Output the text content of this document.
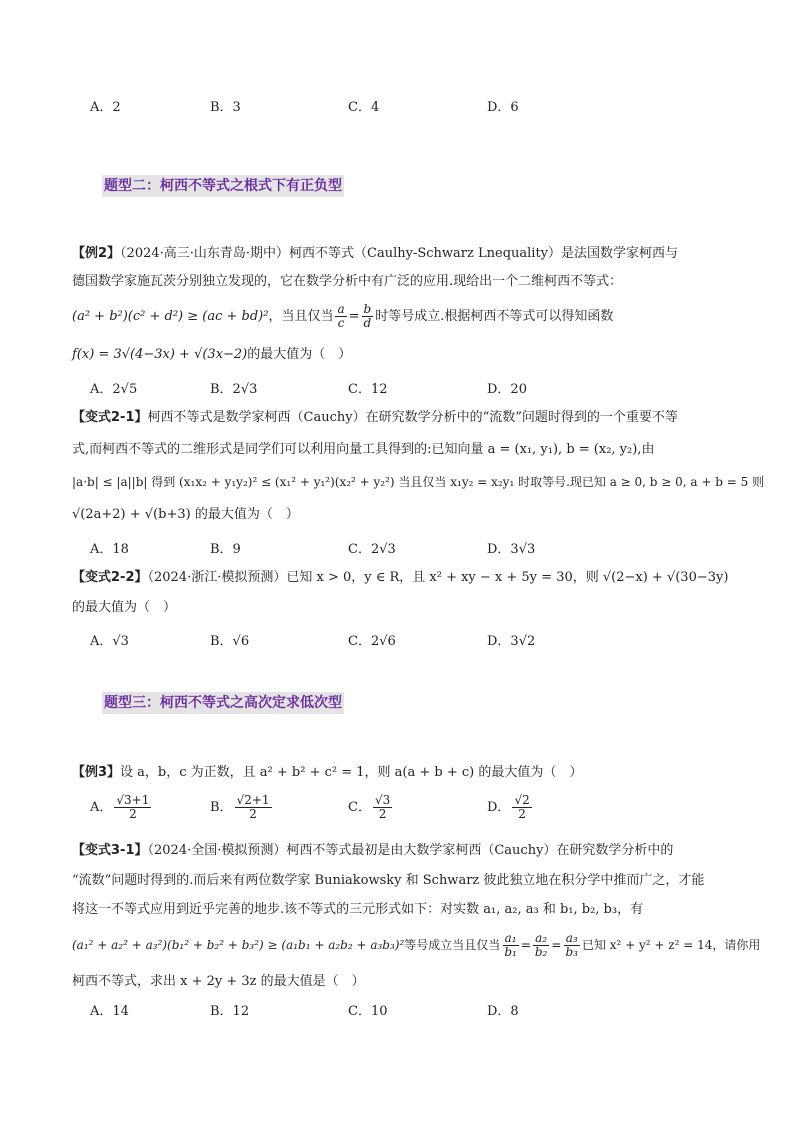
A．2	B．3	C．4	D．6
题型二：柯西不等式之根式下有正负型
【例2】（2024·高三·山东青岛·期中）柯西不等式（Caulhy-Schwarz Lnequality）是法国数学家柯西与
德国数学家施瓦茨分别独立发现的，它在数学分析中有广泛的应用.现给出一个二维柯西不等式：
(a² + b²)(c² + d²) ≥ (ac + bd)²，当且仅当 $\frac{a}{c} = \frac{b}{d}$ 时等号成立.根据柯西不等式可以得知函数
f(x) = 3√(4−3x) + √(3x−2)的最大值为（　）
A．2√5	B．2√3	C．12	D．20
【变式2-1】柯西不等式是数学家柯西（Cauchy）在研究数学分析中的“流数”问题时得到的一个重要不等
式,而柯西不等式的二维形式是同学们可以利用向量工具得到的:已知向量 a = (x₁, y₁), b = (x₂, y₂),由
|a·b| ≤ |a||b| 得到 (x₁x₂ + y₁y₂)² ≤ (x₁² + y₁²)(x₂² + y₂²) 当且仅当 x₁y₂ = x₂y₁ 时取等号.现已知 a ≥ 0, b ≥ 0, a + b = 5 则
√(2a+2) + √(b+3) 的最大值为（　）
A．18	B．9	C．2√3	D．3√3
【变式2-2】（2024·浙江·模拟预测）已知 x > 0，y ∈ R，且 x² + xy − x + 5y = 30，则 √(2−x) + √(30−3y)
的最大值为（　）
A．√3	B．√6	C．2√6	D．3√2
题型三：柯西不等式之高次定求低次型
【例3】设 a，b，c 为正数，且 a² + b² + c² = 1，则 a(a + b + c) 的最大值为（　）
A． $\frac{√3+1}{2}$	B． $\frac{√2+1}{2}$	C． $\frac{√3}{2}$	D． $\frac{√2}{2}$
【变式3-1】（2024·全国·模拟预测）柯西不等式最初是由大数学家柯西（Cauchy）在研究数学分析中的
“流数”问题时得到的.而后来有两位数学家 Buniakowsky 和 Schwarz 彼此独立地在积分学中推而广之，才能
将这一不等式应用到近乎完善的地步.该不等式的三元形式如下：对实数 a₁, a₂, a₃ 和 b₁, b₂, b₃，有
(a₁² + a₂² + a₃²)(b₁² + b₂² + b₃²) ≥ (a₁b₁ + a₂b₂ + a₃b₃)²等号成立当且仅当 $\frac{\text{a₁}}{\text{b₁}} = \frac{\text{a₂}}{\text{b₂}} = \frac{\text{a₃}}{\text{b₃}}$ 已知 x² + y² + z² = 14，请你用
柯西不等式，求出 x + 2y + 3z 的最大值是（　）
A．14	B．12	C．10	D．8
